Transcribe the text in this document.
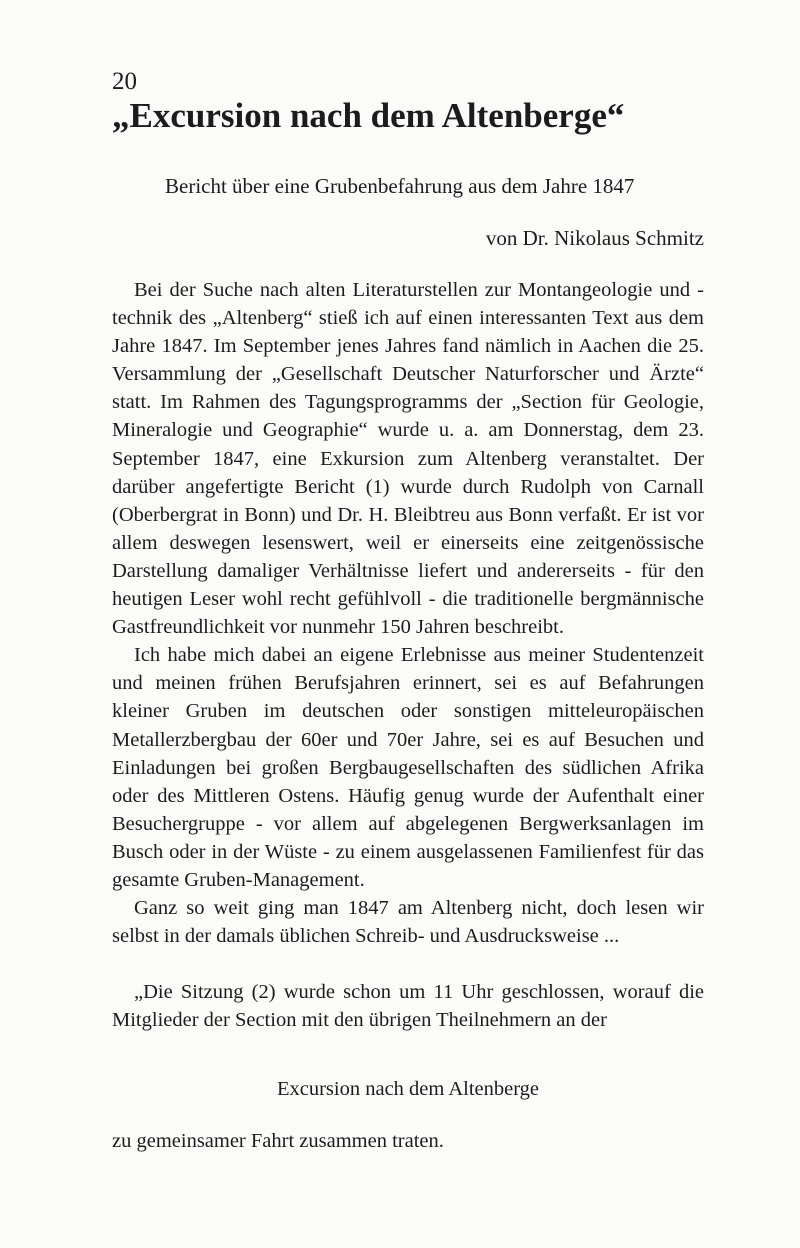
20
„Excursion nach dem Altenberge“
Bericht über eine Grubenbefahrung aus dem Jahre 1847
von Dr. Nikolaus Schmitz

Bei der Suche nach alten Literaturstellen zur Montangeologie und -technik des „Altenberg“ stieß ich auf einen interessanten Text aus dem Jahre 1847. Im September jenes Jahres fand nämlich in Aachen die 25. Versammlung der „Gesellschaft Deutscher Naturforscher und Ärzte“ statt. Im Rahmen des Tagungsprogramms der „Section für Geologie, Mineralogie und Geographie“ wurde u. a. am Donnerstag, dem 23. September 1847, eine Exkursion zum Altenberg veranstaltet. Der darüber angefertigte Bericht (1) wurde durch Rudolph von Carnall (Oberbergrat in Bonn) und Dr. H. Bleibtreu aus Bonn verfaßt. Er ist vor allem deswegen lesenswert, weil er einerseits eine zeitgenössische Darstellung damaliger Verhältnisse liefert und andererseits - für den heutigen Leser wohl recht gefühlvoll - die traditionelle bergmännische Gastfreundlichkeit vor nunmehr 150 Jahren beschreibt.

Ich habe mich dabei an eigene Erlebnisse aus meiner Studentenzeit und meinen frühen Berufsjahren erinnert, sei es auf Befahrungen kleiner Gruben im deutschen oder sonstigen mitteleuropäischen Metallerzbergbau der 60er und 70er Jahre, sei es auf Besuchen und Einladungen bei großen Bergbaugesellschaften des südlichen Afrika oder des Mittleren Ostens. Häufig genug wurde der Aufenthalt einer Besuchergruppe - vor allem auf abgelegenen Bergwerksanlagen im Busch oder in der Wüste - zu einem ausgelassenen Familienfest für das gesamte Gruben-Management.

Ganz so weit ging man 1847 am Altenberg nicht, doch lesen wir selbst in der damals üblichen Schreib- und Ausdrucksweise ...

„Die Sitzung (2) wurde schon um 11 Uhr geschlossen, worauf die Mitglieder der Section mit den übrigen Theilnehmern an der

Excursion nach dem Altenberge
zu gemeinsamer Fahrt zusammen traten.
